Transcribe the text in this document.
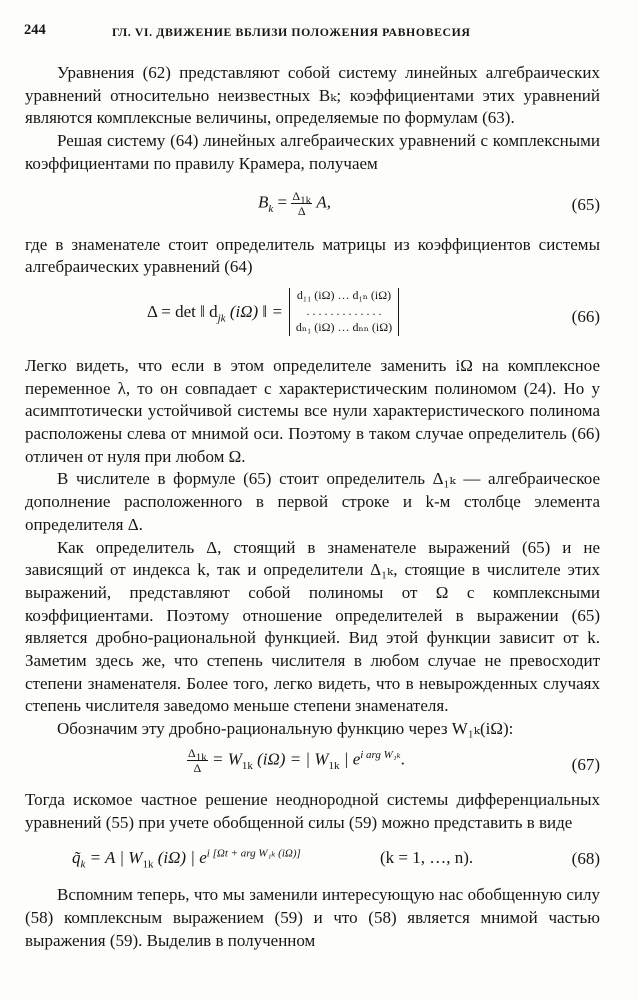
244	ГЛ. VI. ДВИЖЕНИЕ ВБЛИЗИ ПОЛОЖЕНИЯ РАВНОВЕСИЯ

Уравнения (62) представляют собой систему линейных алгебраических уравнений относительно неизвестных Bₖ; коэффициентами этих уравнений являются комплексные величины, определяемые по формулам (63).

Решая систему (64) линейных алгебраических уравнений с комплексными коэффициентами по правилу Крамера, получаем

$B_k = \frac{\Delta_{1k}}{\Delta} A$,	(65)

где в знаменателе стоит определитель матрицы из коэффициентов системы алгебраических уравнений (64)

Δ = det ‖ $d_{jk}$ (iΩ) ‖ =
d₁₁ (iΩ) … d₁ₙ (iΩ)
. . . . . . . . . . . . .
dₙ₁ (iΩ) … dₙₙ (iΩ)
(66)

Легко видеть, что если в этом определителе заменить iΩ на комплексное переменное λ, то он совпадает с характеристическим полиномом (24). Но у асимптотически устойчивой системы все нули характеристического полинома расположены слева от мнимой оси. Поэтому в таком случае определитель (66) отличен от нуля при любом Ω.

В числителе в формуле (65) стоит определитель Δ₁ₖ — алгебраическое дополнение расположенного в первой строке и k-м столбце элемента определителя Δ.

Как определитель Δ, стоящий в знаменателе выражений (65) и не зависящий от индекса k, так и определители Δ₁ₖ, стоящие в числителе этих выражений, представляют собой полиномы от Ω с комплексными коэффициентами. Поэтому отношение определителей в выражении (65) является дробно-рациональной функцией. Вид этой функции зависит от k. Заметим здесь же, что степень числителя в любом случае не превосходит степени знаменателя. Более того, легко видеть, что в невырожденных случаях степень числителя заведомо меньше степени знаменателя.

Обозначим эту дробно-рациональную функцию через W₁ₖ(iΩ):

$\frac{\Delta_{1k}}{\Delta} = W_{1k}$ (iΩ) = | $W_{1k}$ | $e^{i arg W_{1k}}$.	(67)

Тогда искомое частное решение неоднородной системы дифференциальных уравнений (55) при учете обобщенной силы (59) можно представить в виде

$q̃_k = A$ | $W_{1k}$ (iΩ) | $e^{i [\Omega t + arg W_{1k} (i\Omega)]}$	(k = 1, …, n).	(68)

Вспомним теперь, что мы заменили интересующую нас обобщенную силу (58) комплексным выражением (59) и что (58) является мнимой частью выражения (59). Выделив в полученном
